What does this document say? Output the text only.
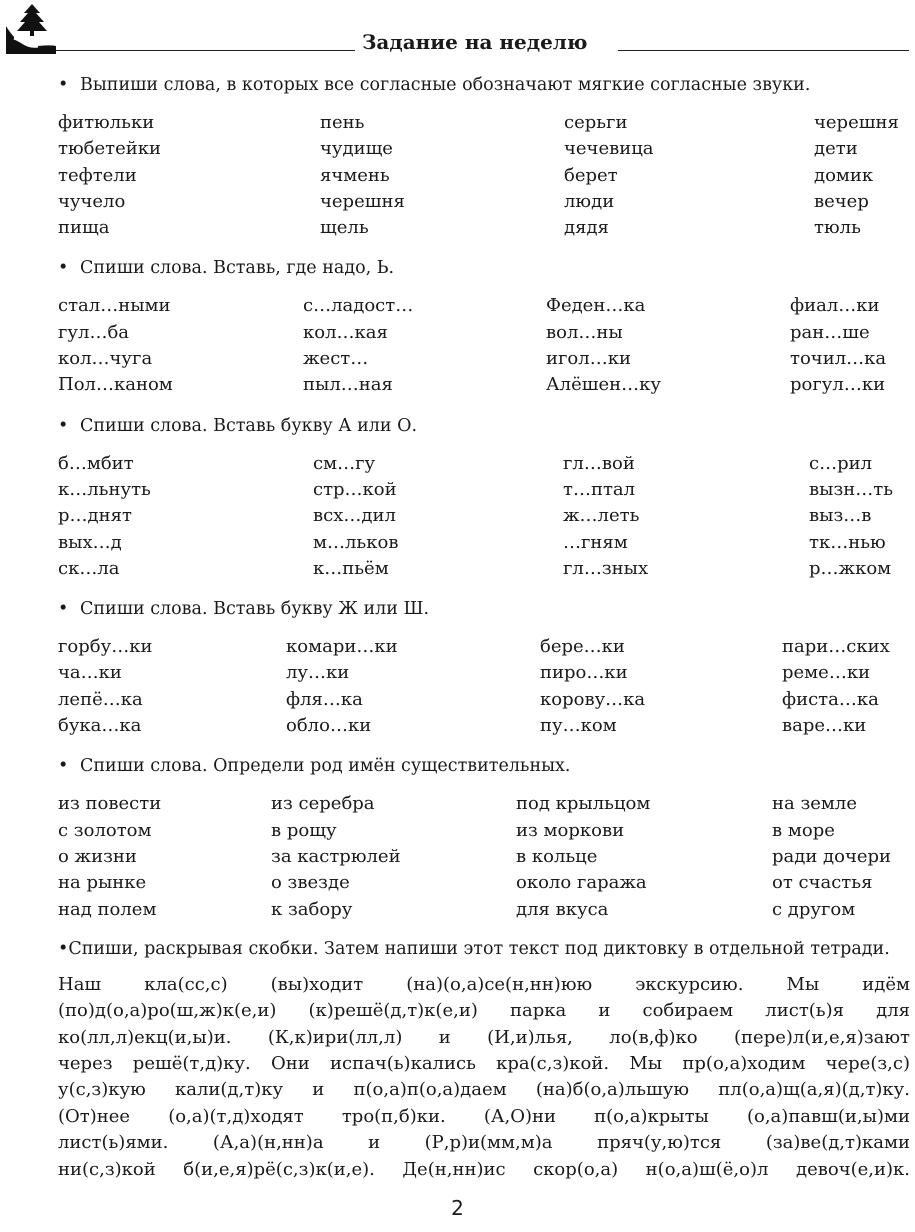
Задание на неделю
• Выпиши слова, в которых все согласные обозначают мягкие согласные звуки.
фитюльки	пень	серьги	черешня
тюбетейки	чудище	чечевица	дети
тефтели	ячмень	берет	домик
чучело	черешня	люди	вечер
пища	щель	дядя	тюль
• Спиши слова. Вставь, где надо, Ь.
стал…ными	с…ладост…	Феден…ка	фиал…ки
гул…ба	кол…кая	вол…ны	ран…ше
кол…чуга	жест…	игол…ки	точил…ка
Пол…каном	пыл…ная	Алёшен…ку	рогул…ки
• Спиши слова. Вставь букву А или О.
б…мбит	см…гу	гл…вой	с…рил
к…льнуть	стр…кой	т…птал	вызн…ть
р…днят	всх…дил	ж…леть	выз…в
вых…д	м…льков	…гням	тк…нью
ск…ла	к…пьём	гл…зных	р…жком
• Спиши слова. Вставь букву Ж или Ш.
горбу…ки	комари…ки	бере…ки	пари…ских
ча…ки	лу…ки	пиро…ки	реме…ки
лепё…ка	фля…ка	корову…ка	фиста…ка
бука…ка	обло…ки	пу…ком	варе…ки
• Спиши слова. Определи род имён существительных.
из повести	из серебра	под крыльцом	на земле
с золотом	в рощу	из моркови	в море
о жизни	за кастрюлей	в кольце	ради дочери
на рынке	о звезде	около гаража	от счастья
над полем	к забору	для вкуса	с другом
•Спиши, раскрывая скобки. Затем напиши этот текст под диктовку в отдельной тетради.
Наш кла(сс,с) (вы)ходит (на)(о,а)се(н,нн)юю экскурсию. Мы идём
(по)д(о,а)ро(ш,ж)к(е,и) (к)решё(д,т)к(е,и) парка и собираем лист(ь)я для
ко(лл,л)екц(и,ы)и. (К,к)ири(лл,л) и (И,и)лья, ло(в,ф)ко (пере)л(и,е,я)зают
через решё(т,д)ку. Они испач(ь)кались кра(с,з)кой. Мы пр(о,а)ходим чере(з,с)
у(с,з)кую кали(д,т)ку и п(о,а)п(о,а)даем (на)б(о,а)льшую пл(о,а)щ(а,я)(д,т)ку.
(От)нее (о,а)(т,д)ходят тро(п,б)ки. (А,О)ни п(о,а)крыты (о,а)павш(и,ы)ми
лист(ь)ями. (А,а)(н,нн)а и (Р,р)и(мм,м)а пряч(у,ю)тся (за)ве(д,т)ками
ни(с,з)кой б(и,е,я)рё(с,з)к(и,е). Де(н,нн)ис скор(о,а) н(о,а)ш(ё,о)л девоч(е,и)к.
2
